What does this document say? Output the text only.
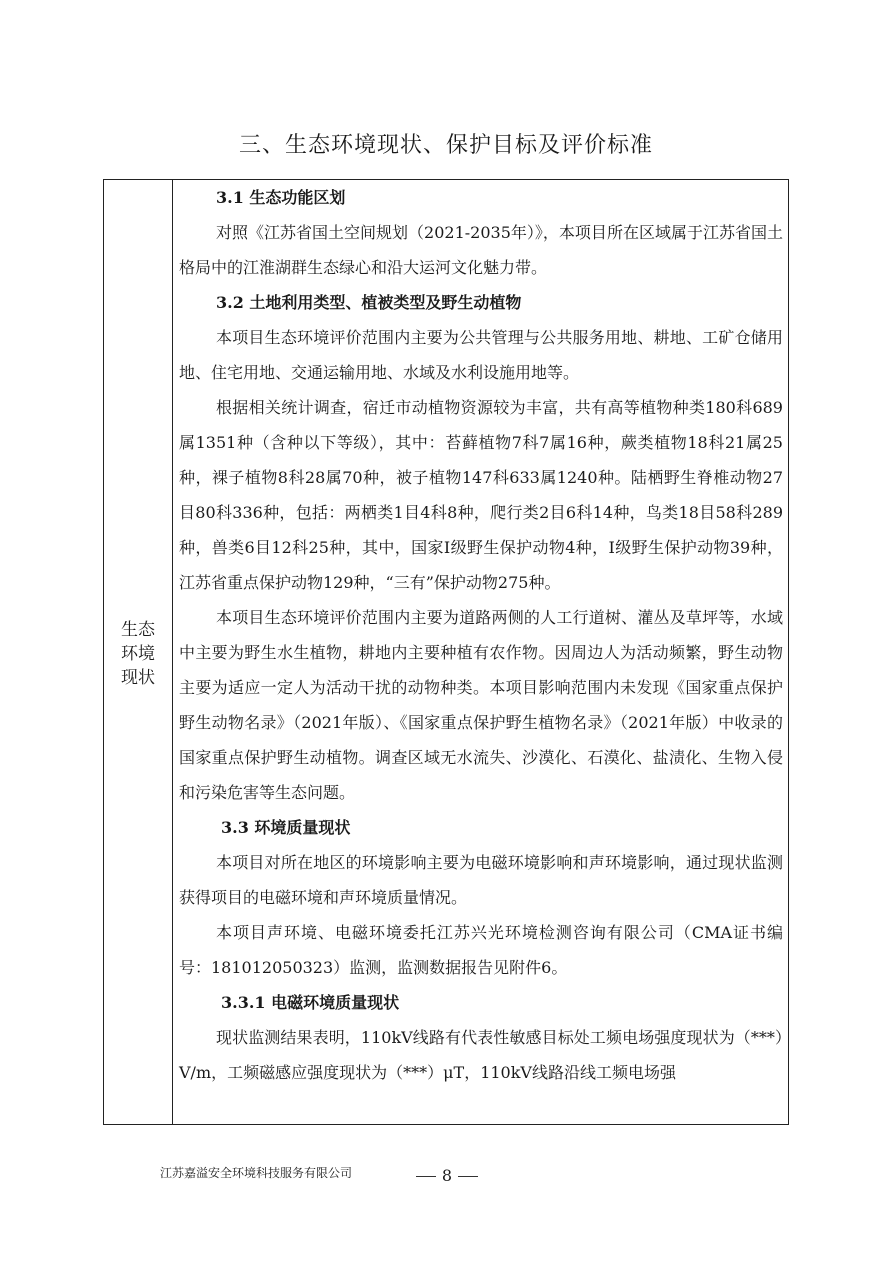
三、生态环境现状、保护目标及评价标准
生态
环境
现状
3.1 生态功能区划
对照《江苏省国土空间规划（2021-2035年）》，本项目所在区域属于江苏省国土格局中的江淮湖群生态绿心和沿大运河文化魅力带。
3.2 土地利用类型、植被类型及野生动植物
本项目生态环境评价范围内主要为公共管理与公共服务用地、耕地、工矿仓储用地、住宅用地、交通运输用地、水域及水利设施用地等。
根据相关统计调查，宿迁市动植物资源较为丰富，共有高等植物种类180科689属1351种（含种以下等级），其中：苔藓植物7科7属16种，蕨类植物18科21属25种，裸子植物8科28属70种，被子植物147科633属1240种。陆栖野生脊椎动物27目80科336种，包括：两栖类1目4科8种，爬行类2目6科14种，鸟类18目58科289种，兽类6目12科25种，其中，国家I级野生保护动物4种，I级野生保护动物39种，江苏省重点保护动物129种，“三有”保护动物275种。
本项目生态环境评价范围内主要为道路两侧的人工行道树、灌丛及草坪等，水域中主要为野生水生植物，耕地内主要种植有农作物。因周边人为活动频繁，野生动物主要为适应一定人为活动干扰的动物种类。本项目影响范围内未发现《国家重点保护野生动物名录》（2021年版）、《国家重点保护野生植物名录》（2021年版）中收录的国家重点保护野生动植物。调查区域无水流失、沙漠化、石漠化、盐渍化、生物入侵和污染危害等生态问题。
3.3 环境质量现状
本项目对所在地区的环境影响主要为电磁环境影响和声环境影响，通过现状监测获得项目的电磁环境和声环境质量情况。
本项目声环境、电磁环境委托江苏兴光环境检测咨询有限公司（CMA证书编号：181012050323）监测，监测数据报告见附件6。
3.3.1 电磁环境质量现状
现状监测结果表明，110kV线路有代表性敏感目标处工频电场强度现状为（***）V/m，工频磁感应强度现状为（***）μT，110kV线路沿线工频电场强
江苏嘉溢安全环境科技服务有限公司	8
